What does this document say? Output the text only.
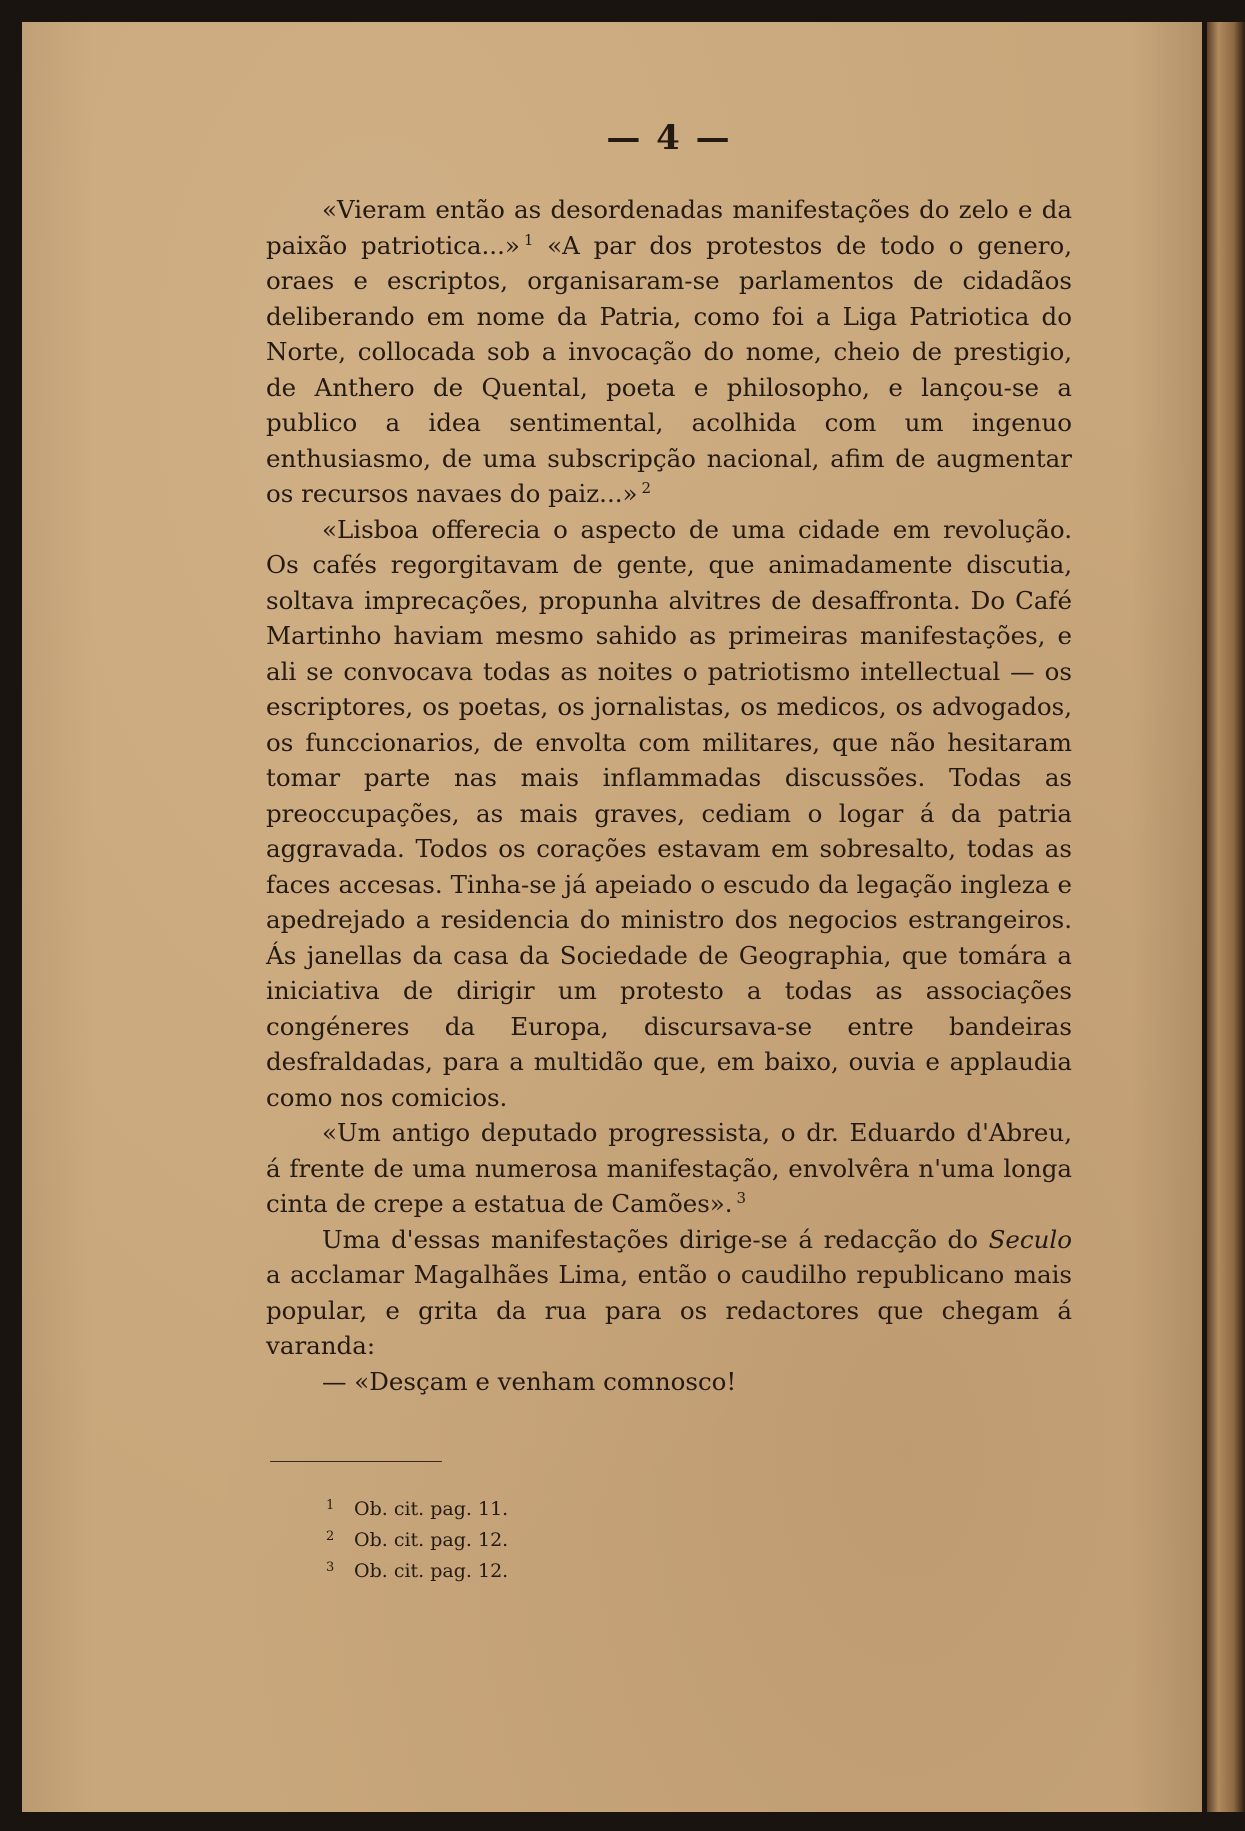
— 4 —

«Vieram então as desordenadas manifestações do zelo e da paixão patriotica...» $^1$ «A par dos protestos de todo o genero, oraes e escriptos, organisaram-se parlamentos de cidadãos deliberando em nome da Patria, como foi a Liga Patriotica do Norte, collocada sob a invocação do nome, cheio de prestigio, de Anthero de Quental, poeta e philosopho, e lançou-se a publico a idea sentimental, acolhida com um ingenuo enthusiasmo, de uma subscripção nacional, afim de augmentar os recursos navaes do paiz...» $^2$

«Lisboa offerecia o aspecto de uma cidade em revolução. Os cafés regorgitavam de gente, que animadamente discutia, soltava imprecações, propunha alvitres de desaffronta. Do Café Martinho haviam mesmo sahido as primeiras manifestações, e ali se convocava todas as noites o patriotismo intellectual — os escriptores, os poetas, os jornalistas, os medicos, os advogados, os funccionarios, de envolta com militares, que não hesitaram tomar parte nas mais inflammadas discussões. Todas as preoccupações, as mais graves, cediam o logar á da patria aggravada. Todos os corações estavam em sobresalto, todas as faces accesas. Tinha-se já apeiado o escudo da legação ingleza e apedrejado a residencia do ministro dos negocios estrangeiros. Ás janellas da casa da Sociedade de Geographia, que tomára a iniciativa de dirigir um protesto a todas as associações congéneres da Europa, discursava-se entre bandeiras desfraldadas, para a multidão que, em baixo, ouvia e applaudia como nos comicios.

«Um antigo deputado progressista, o dr. Eduardo d'Abreu, á frente de uma numerosa manifestação, envolvêra n'uma longa cinta de crepe a estatua de Camões». $^3$

Uma d'essas manifestações dirige-se á redacção do Seculo a acclamar Magalhães Lima, então o caudilho republicano mais popular, e grita da rua para os redactores que chegam á varanda:

— «Desçam e venham comnosco!

1 Ob. cit. pag. 11.

2 Ob. cit. pag. 12.

3 Ob. cit. pag. 12.
